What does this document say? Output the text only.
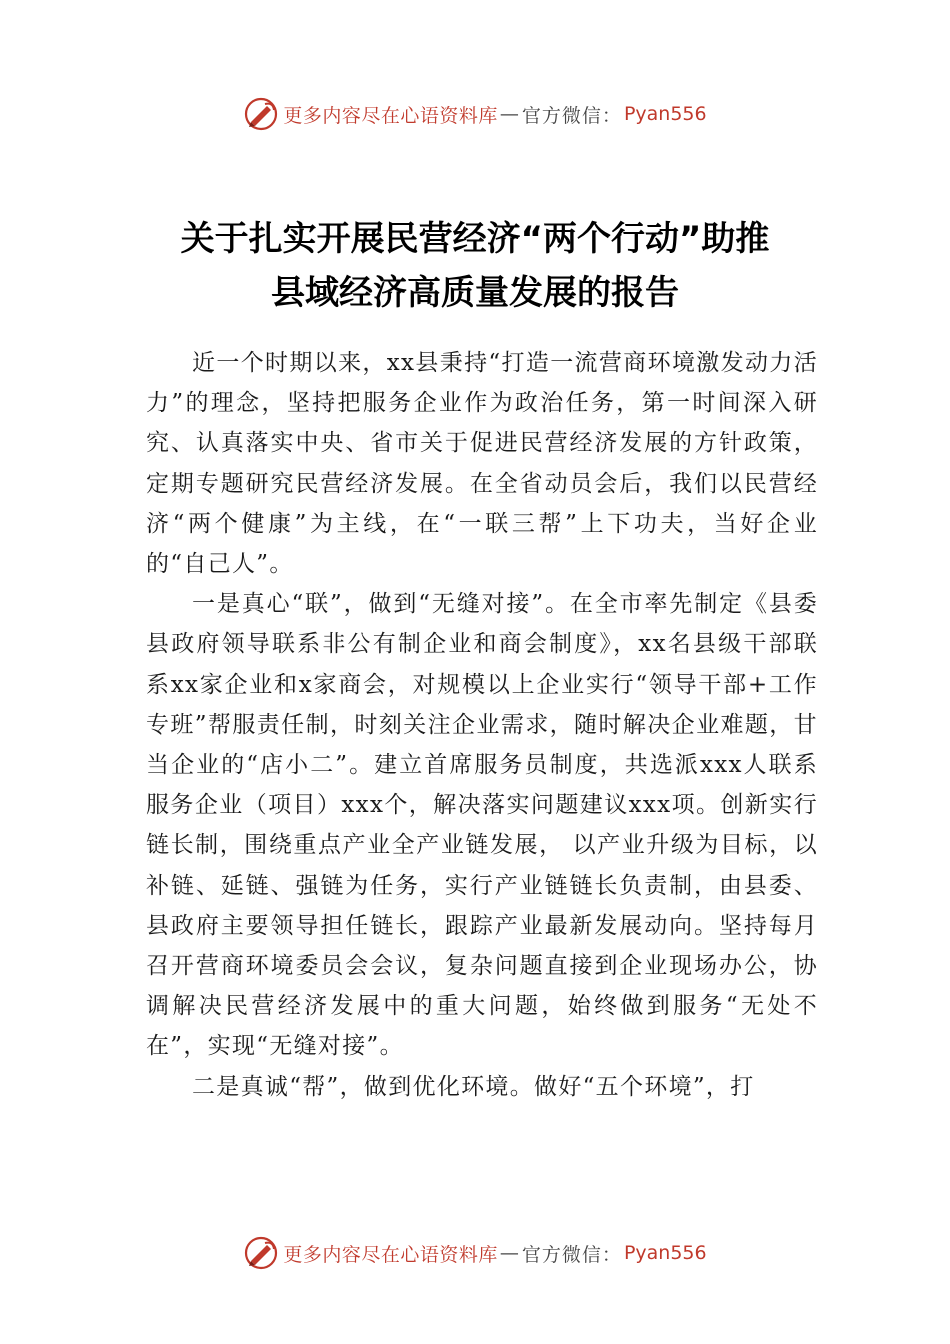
更多内容尽在心语资料库 — 官方微信： Pyan556
关于扎实开展民营经济“两个行动”助推
县域经济高质量发展的报告

近一个时期以来，xx县秉持“打造一流营商环境激发动力活力”的理念，坚持把服务企业作为政治任务，第一时间深入研究、认真落实中央、省市关于促进民营经济发展的方针政策，定期专题研究民营经济发展。在全省动员会后，我们以民营经济“两个健康”为主线，在“一联三帮”上下功夫，当好企业的“自己人”。

一是真心“联”，做到“无缝对接”。在全市率先制定《县委县政府领导联系非公有制企业和商会制度》，xx名县级干部联系xx家企业和x家商会，对规模以上企业实行“领导干部+工作专班”帮服责任制，时刻关注企业需求，随时解决企业难题，甘当企业的“店小二”。建立首席服务员制度，共选派xxx人联系服务企业（项目）xxx个，解决落实问题建议xxx项。创新实行链长制，围绕重点产业全产业链发展， 以产业升级为目标，以补链、延链、强链为任务，实行产业链链长负责制，由县委、县政府主要领导担任链长，跟踪产业最新发展动向。坚持每月召开营商环境委员会会议，复杂问题直接到企业现场办公，协调解决民营经济发展中的重大问题，始终做到服务“无处不在”，实现“无缝对接”。

二是真诚“帮”，做到优化环境。做好“五个环境”，打

更多内容尽在心语资料库 — 官方微信： Pyan556
